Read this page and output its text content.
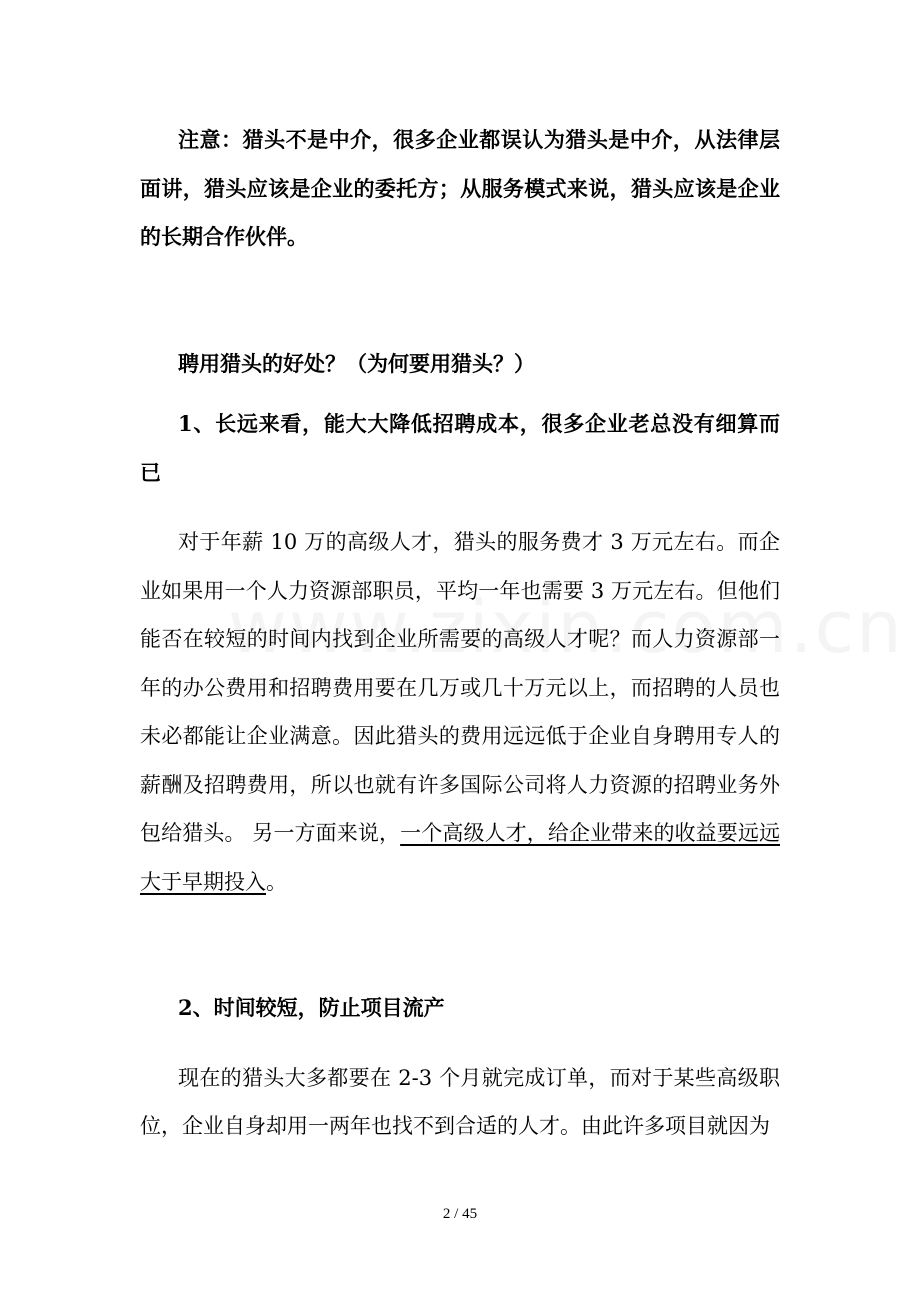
注意：猎头不是中介，很多企业都误认为猎头是中介，从法律层面讲，猎头应该是企业的委托方；从服务模式来说，猎头应该是企业的长期合作伙伴。

聘用猎头的好处？（为何要用猎头？）

1、长远来看，能大大降低招聘成本，很多企业老总没有细算而已

对于年薪 10 万的高级人才，猎头的服务费才 3 万元左右。而企业如果用一个人力资源部职员，平均一年也需要 3 万元左右。但他们能否在较短的时间内找到企业所需要的高级人才呢？而人力资源部一年的办公费用和招聘费用要在几万或几十万元以上，而招聘的人员也未必都能让企业满意。因此猎头的费用远远低于企业自身聘用专人的薪酬及招聘费用，所以也就有许多国际公司将人力资源的招聘业务外包给猎头。 另一方面来说，一个高级人才，给企业带来的收益要远远大于早期投入。

2、时间较短，防止项目流产

现在的猎头大多都要在 2-3 个月就完成订单，而对于某些高级职位，企业自身却用一两年也找不到合适的人才。由此许多项目就因为

2 / 45
